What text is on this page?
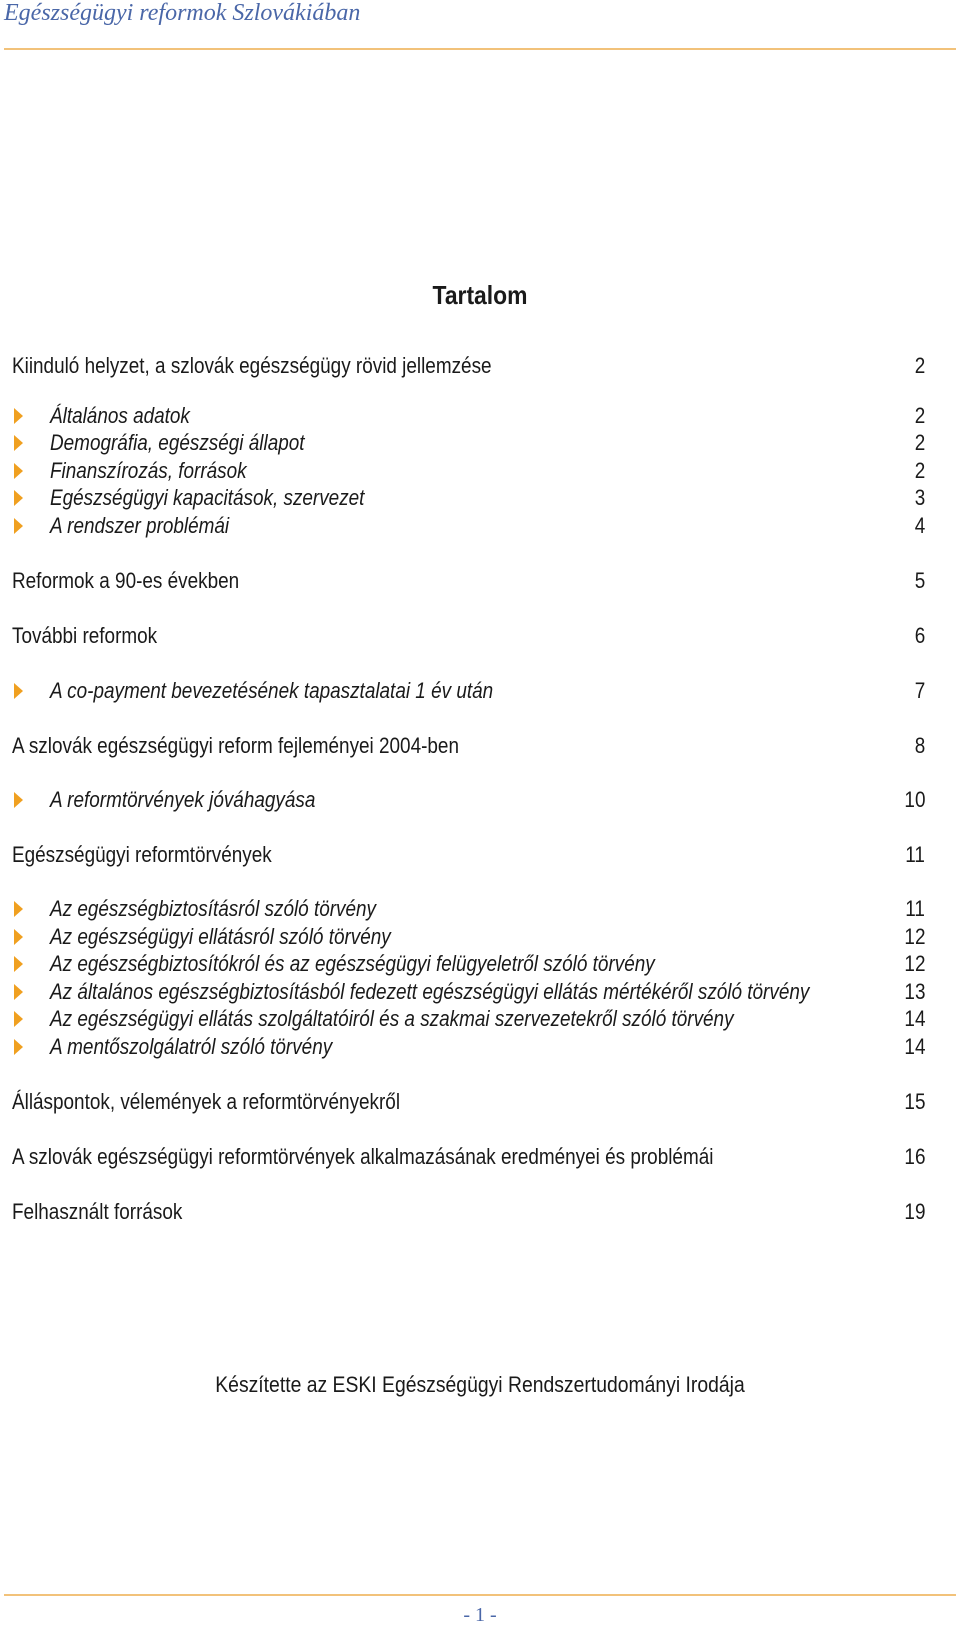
Egészségügyi reformok Szlovákiában
Tartalom
Kiinduló helyzet, a szlovák egészségügy rövid jellemzése	2
Általános adatok	2
Demográfia, egészségi állapot	2
Finanszírozás, források	2
Egészségügyi kapacitások, szervezet	3
A rendszer problémái	4
Reformok a 90-es években	5
További reformok	6
A co-payment bevezetésének tapasztalatai 1 év után	7
A szlovák egészségügyi reform fejleményei 2004-ben	8
A reformtörvények jóváhagyása	10
Egészségügyi reformtörvények	11
Az egészségbiztosításról szóló törvény	11
Az egészségügyi ellátásról szóló törvény	12
Az egészségbiztosítókról és az egészségügyi felügyeletről szóló törvény	12
Az általános egészségbiztosításból fedezett egészségügyi ellátás mértékéről szóló törvény	13
Az egészségügyi ellátás szolgáltatóiról és a szakmai szervezetekről szóló törvény	14
A mentőszolgálatról szóló törvény	14
Álláspontok, vélemények a reformtörvényekről	15
A szlovák egészségügyi reformtörvények alkalmazásának eredményei és problémái	16
Felhasznált források	19
Készítette az ESKI Egészségügyi Rendszertudományi Irodája
- 1 -
